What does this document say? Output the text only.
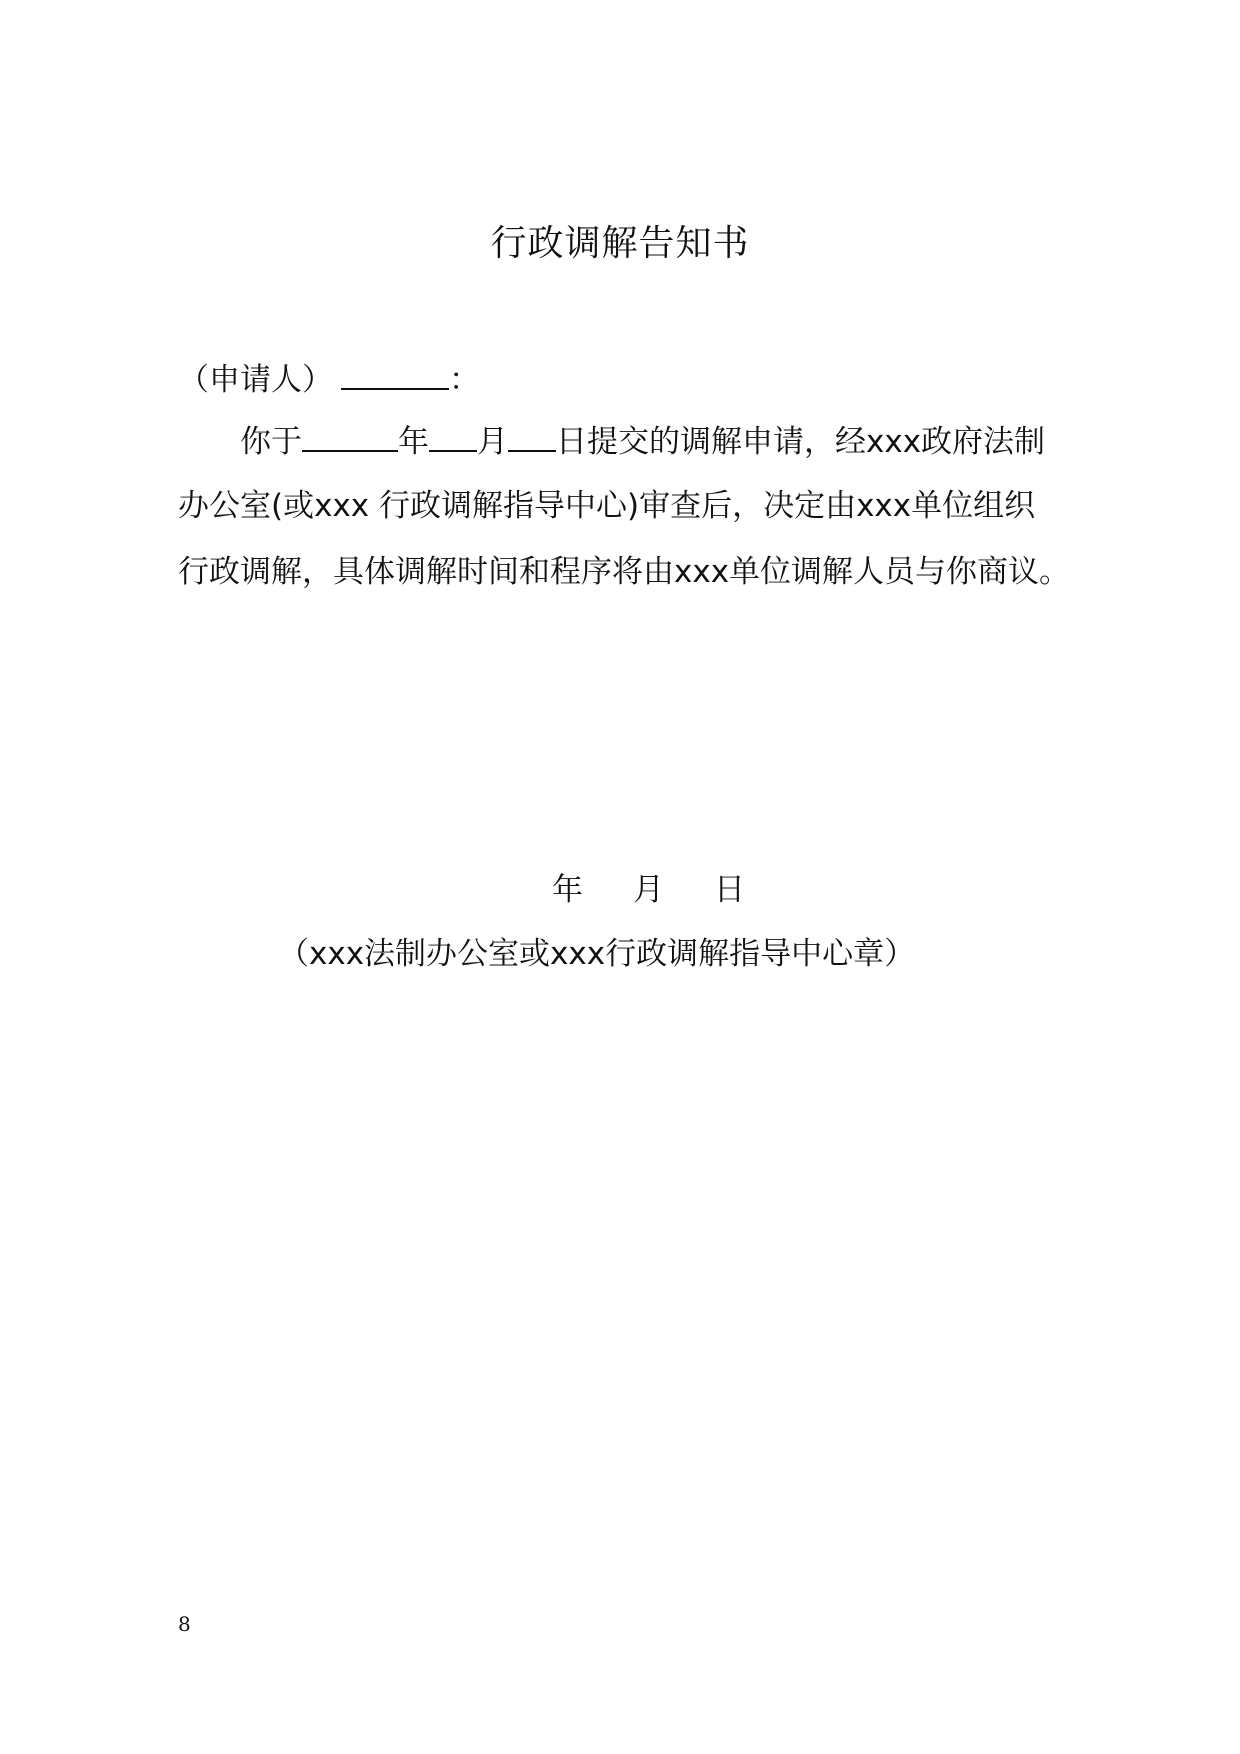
行政调解告知书
（申请人）	：
你于	年 月 日提交的调解申请，经xxx政府法制
办公室(或xxx 行政调解指导中心)审查后，决定由xxx单位组织
行政调解，具体调解时间和程序将由xxx单位调解人员与你商议。
年 月 日
（xxx法制办公室或xxx行政调解指导中心章）
8
